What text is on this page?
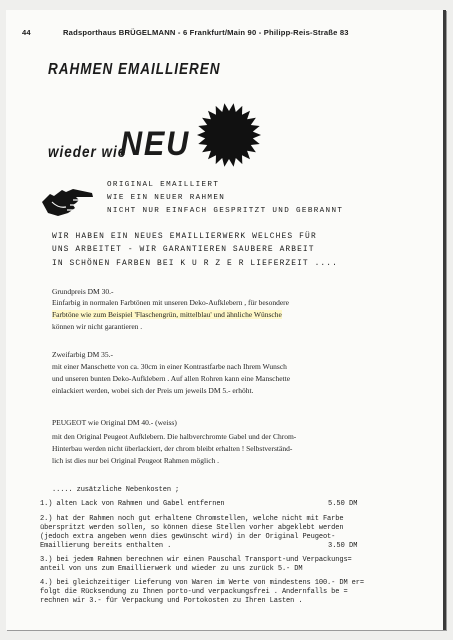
44	Radsporthaus BRÜGELMANN - 6 Frankfurt/Main 90 - Philipp-Reis-Straße 83
RAHMEN EMAILLIEREN
wieder wie
NEU
ORIGINAL EMAILLIERT
WIE EIN NEUER RAHMEN
NICHT NUR EINFACH GESPRITZT UND GEBRANNT
WIR HABEN EIN NEUES EMAILLIERWERK WELCHES FÜR
UNS ARBEITET - WIR GARANTIEREN SAUBERE ARBEIT
IN SCHÖNEN FARBEN BEI K U R Z E R LIEFERZEIT ....
Grundpreis DM 30.-
Einfarbig in normalen Farbtönen mit unseren Deko-Aufklebern , für besondere
Farbtöne wie zum Beispiel 'Flaschengrün, mittelblau' und ähnliche Wünsche
können wir nicht garantieren .
Zweifarbig DM 35.-
mit einer Manschette von ca. 30cm in einer Kontrastfarbe nach Ihrem Wunsch
und unseren bunten Deko-Aufklebern . Auf allen Rohren kann eine Manschette
einlackiert werden, wobei sich der Preis um jeweils DM 5.- erhöht.
PEUGEOT wie Original DM 40.- (weiss)
mit den Original Peugeot Aufklebern. Die halbverchromte Gabel und der Chrom-
Hinterbau werden nicht überlackiert, der chrom bleibt erhalten ! Selbstverständ-
lich ist dies nur bei Original Peugeot Rahmen möglich .
..... zusätzliche Nebenkosten ;
1.) alten Lack von Rahmen und Gabel entfernen	5.50 DM
2.) hat der Rahmen noch gut erhaltene Chromstellen, welche nicht mit Farbe
überspritzt werden sollen, so können diese Stellen vorher abgeklebt werden
(jedoch extra angeben wenn dies gewünscht wird) in der Original Peugeot-
Emaillierung bereits enthalten .	3.50 DM
3.) bei jedem Rahmen berechnen wir einen Pauschal Transport-und Verpackungs=
anteil von uns zum Emaillierwerk und wieder zu uns zurück 5.- DM
4.) bei gleichzeitiger Lieferung von Waren im Werte von mindestens 100.- DM er=
folgt die Rücksendung zu Ihnen porto-und verpackungsfrei . Andernfalls be =
rechnen wir 3.- für Verpackung und Portokosten zu Ihren Lasten .
